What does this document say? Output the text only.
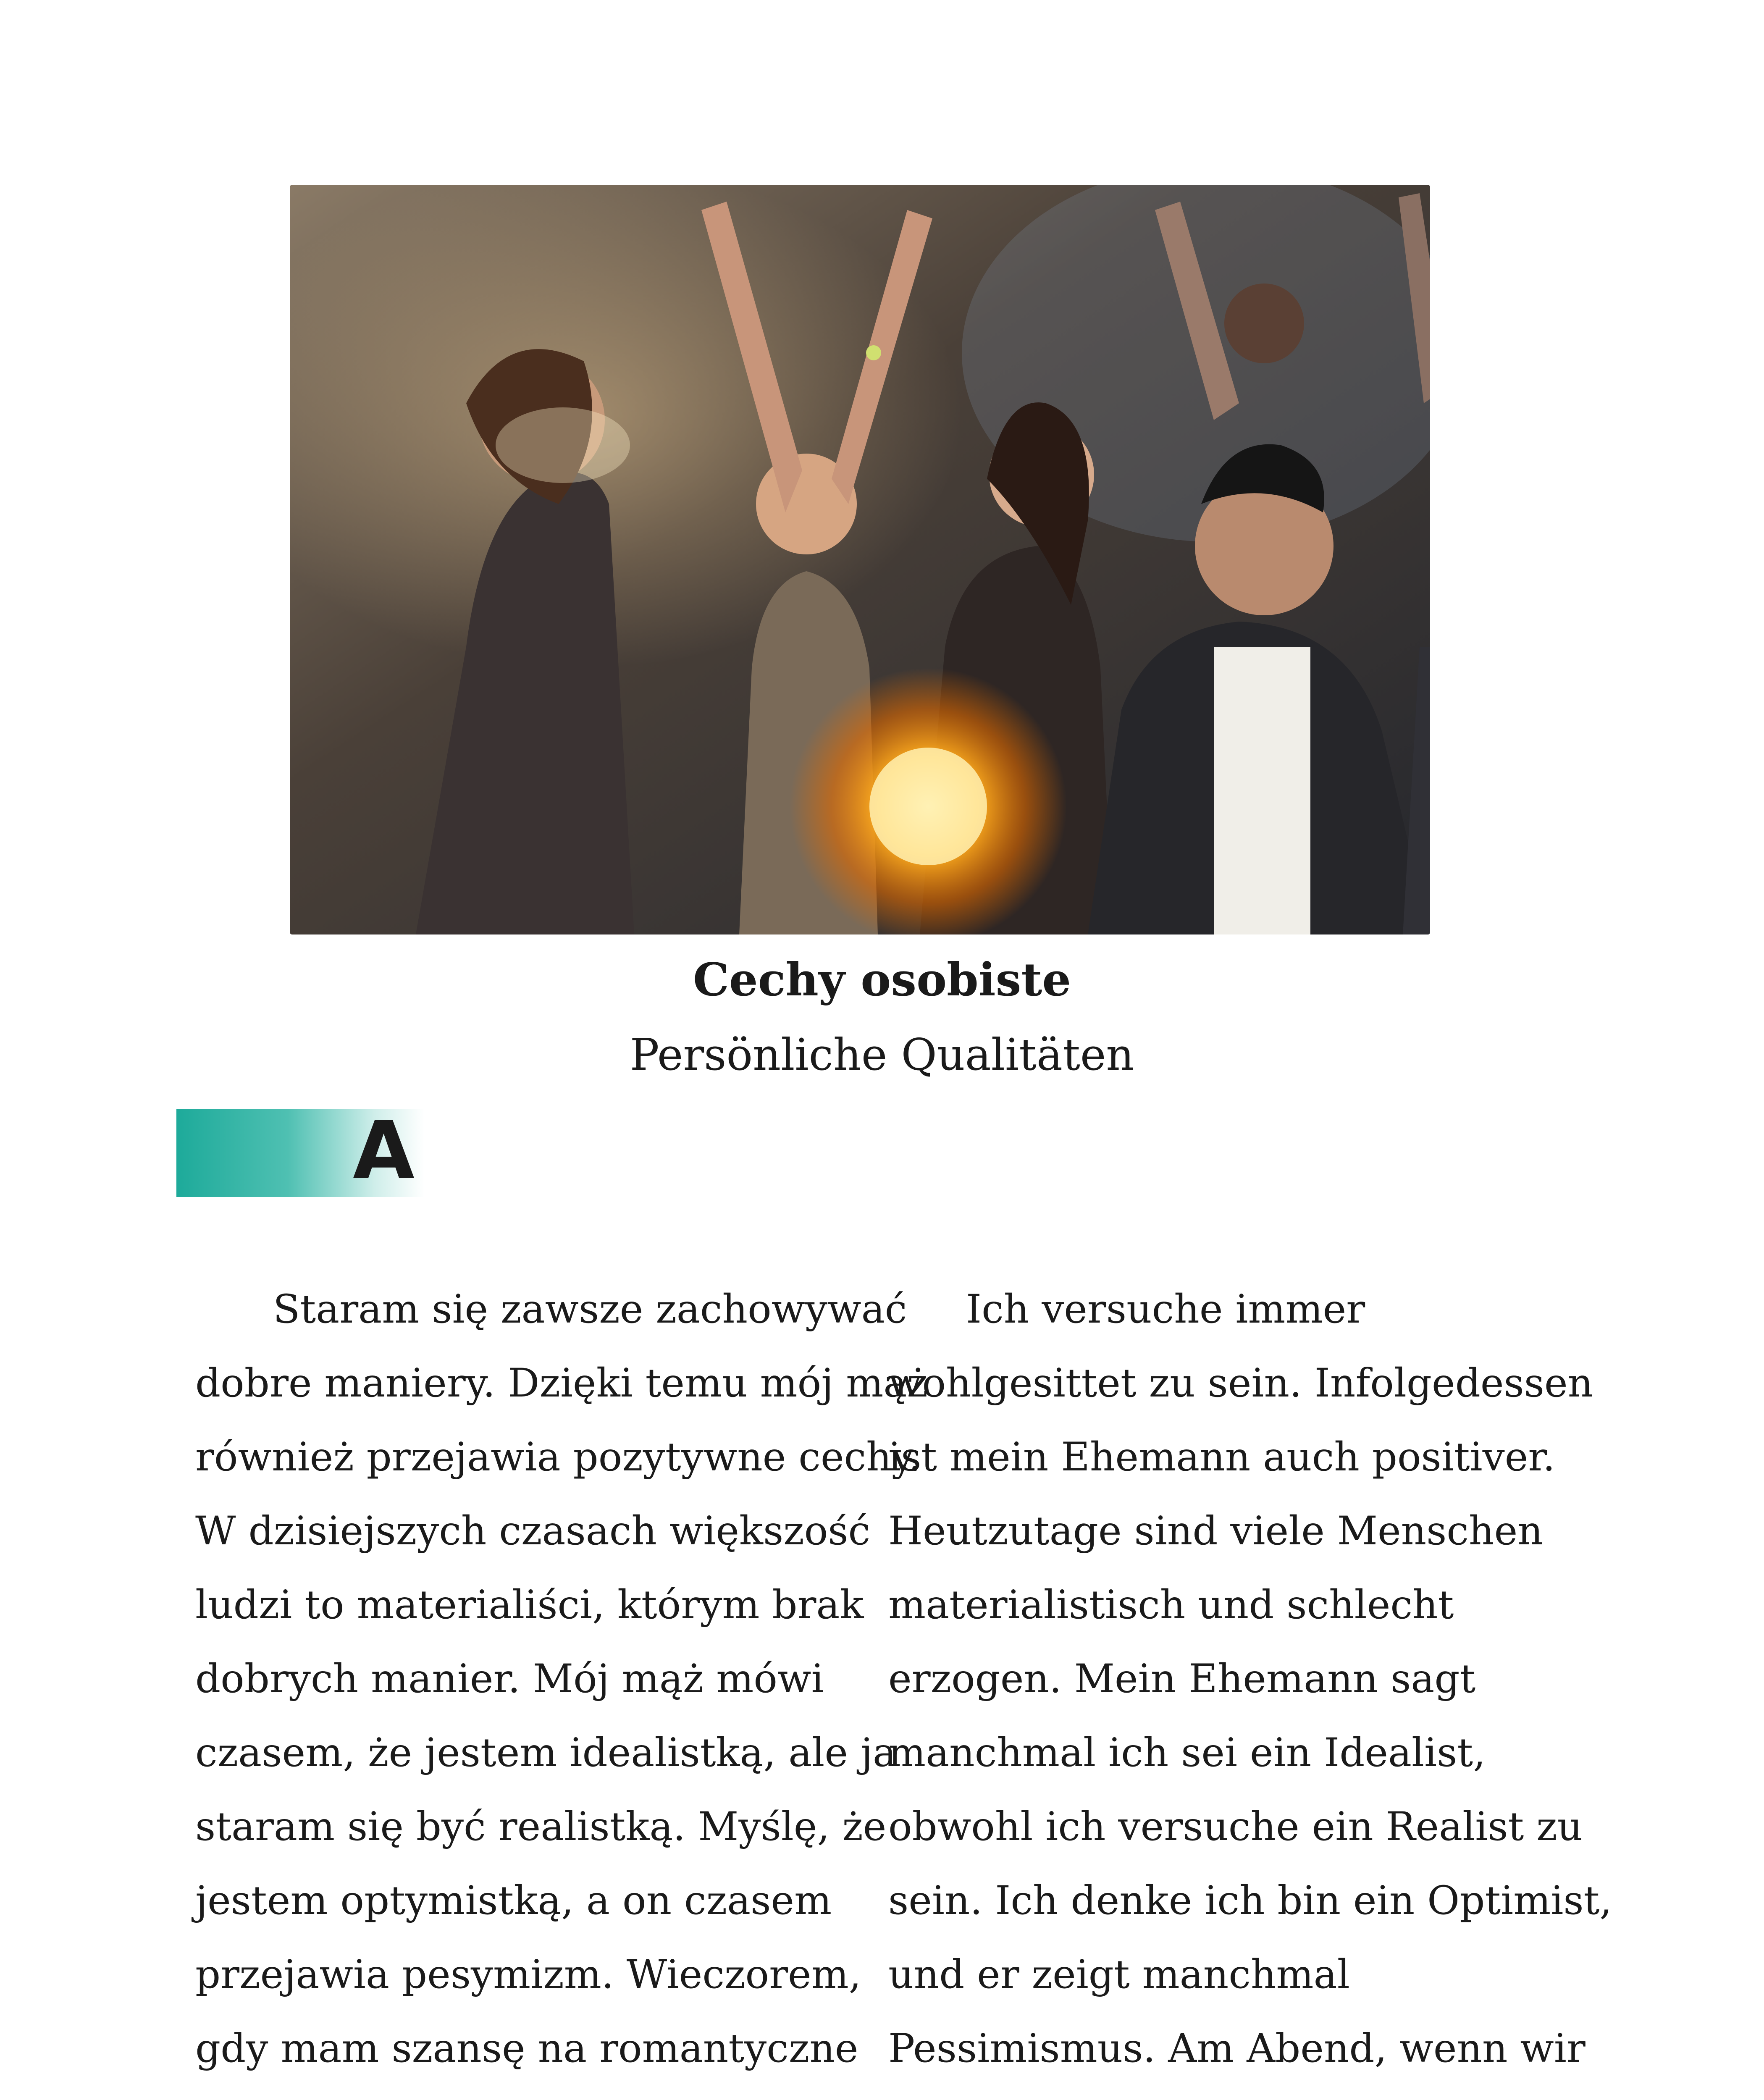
Cechy osobiste
Persönliche Qualitäten
A
Staram się zawsze zachowywać
dobre maniery. Dzięki temu mój mąż
również przejawia pozytywne cechy.
W dzisiejszych czasach większość
ludzi to materialiści, którym brak
dobrych manier. Mój mąż mówi
czasem, że jestem idealistką, ale ja
staram się być realistką. Myślę, że
jestem optymistką, a on czasem
przejawia pesymizm. Wieczorem,
gdy mam szansę na romantyczne
Ich versuche immer
wohlgesittet zu sein. Infolgedessen
ist mein Ehemann auch positiver.
Heutzutage sind viele Menschen
materialistisch und schlecht
erzogen. Mein Ehemann sagt
manchmal ich sei ein Idealist,
obwohl ich versuche ein Realist zu
sein. Ich denke ich bin ein Optimist,
und er zeigt manchmal
Pessimismus. Am Abend, wenn wir
